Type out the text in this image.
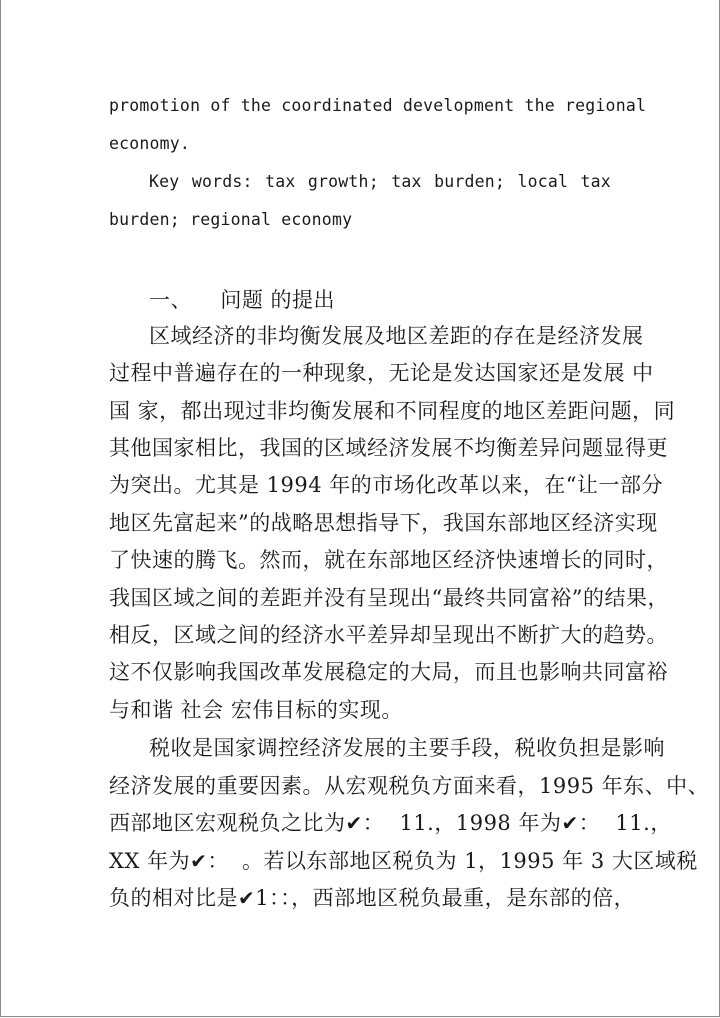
promotion of the coordinated development the regional
economy.
Key words: tax growth; tax burden; local tax
burden; regional economy
一、 问题 的提出
区域经济的非均衡发展及地区差距的存在是经济发展
过程中普遍存在的一种现象，无论是发达国家还是发展 中
国 家，都出现过非均衡发展和不同程度的地区差距问题，同
其他国家相比，我国的区域经济发展不均衡差异问题显得更
为突出。尤其是 1994 年的市场化改革以来，在“让一部分
地区先富起来”的战略思想指导下，我国东部地区经济实现
了快速的腾飞。然而，就在东部地区经济快速增长的同时，
我国区域之间的差距并没有呈现出“最终共同富裕”的结果，
相反，区域之间的经济水平差异却呈现出不断扩大的趋势。
这不仅影响我国改革发展稳定的大局，而且也影响共同富裕
与和谐 社会 宏伟目标的实现。
税收是国家调控经济发展的主要手段，税收负担是影响
经济发展的重要因素。从宏观税负方面来看，1995 年东、中、
西部地区宏观税负之比为✔： 11.，1998 年为✔： 11.，
XX 年为✔： 。若以东部地区税负为 1，1995 年 3 大区域税
负的相对比是✔1：：，西部地区税负最重，是东部的倍，
